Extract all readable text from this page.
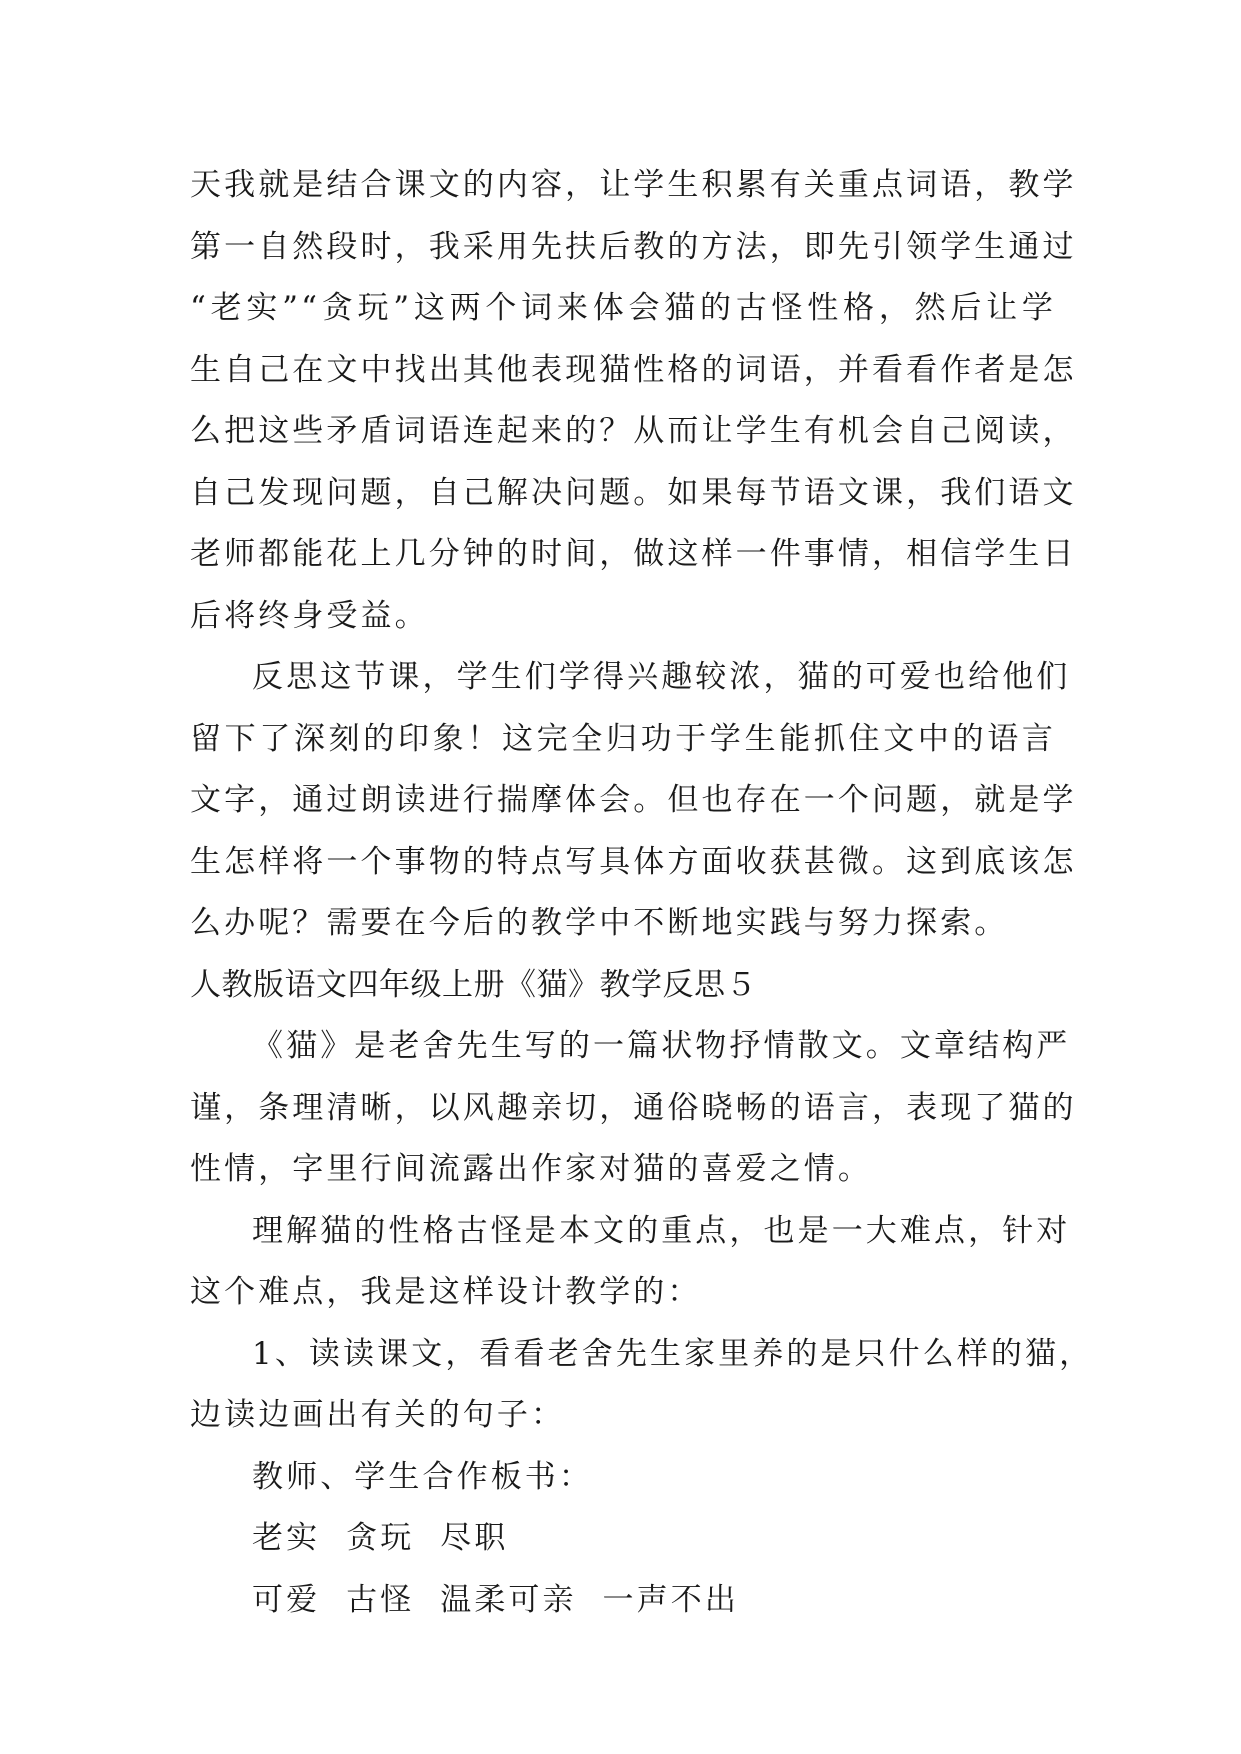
天我就是结合课文的内容，让学生积累有关重点词语，教学
第一自然段时，我采用先扶后教的方法，即先引领学生通过
“老实”“贪玩”这两个词来体会猫的古怪性格，然后让学
生自己在文中找出其他表现猫性格的词语，并看看作者是怎
么把这些矛盾词语连起来的？从而让学生有机会自己阅读，
自己发现问题，自己解决问题。如果每节语文课，我们语文
老师都能花上几分钟的时间，做这样一件事情，相信学生日
后将终身受益。
反思这节课，学生们学得兴趣较浓，猫的可爱也给他们
留下了深刻的印象！这完全归功于学生能抓住文中的语言
文字，通过朗读进行揣摩体会。但也存在一个问题，就是学
生怎样将一个事物的特点写具体方面收获甚微。这到底该怎
么办呢？需要在今后的教学中不断地实践与努力探索。
人教版语文四年级上册《猫》教学反思５
《猫》是老舍先生写的一篇状物抒情散文。文章结构严
谨，条理清晰，以风趣亲切，通俗晓畅的语言，表现了猫的
性情，字里行间流露出作家对猫的喜爱之情。
理解猫的性格古怪是本文的重点，也是一大难点，针对
这个难点，我是这样设计教学的：
1、读读课文，看看老舍先生家里养的是只什么样的猫，
边读边画出有关的句子：
教师、学生合作板书：
老实  贪玩  尽职
可爱  古怪  温柔可亲  一声不出
